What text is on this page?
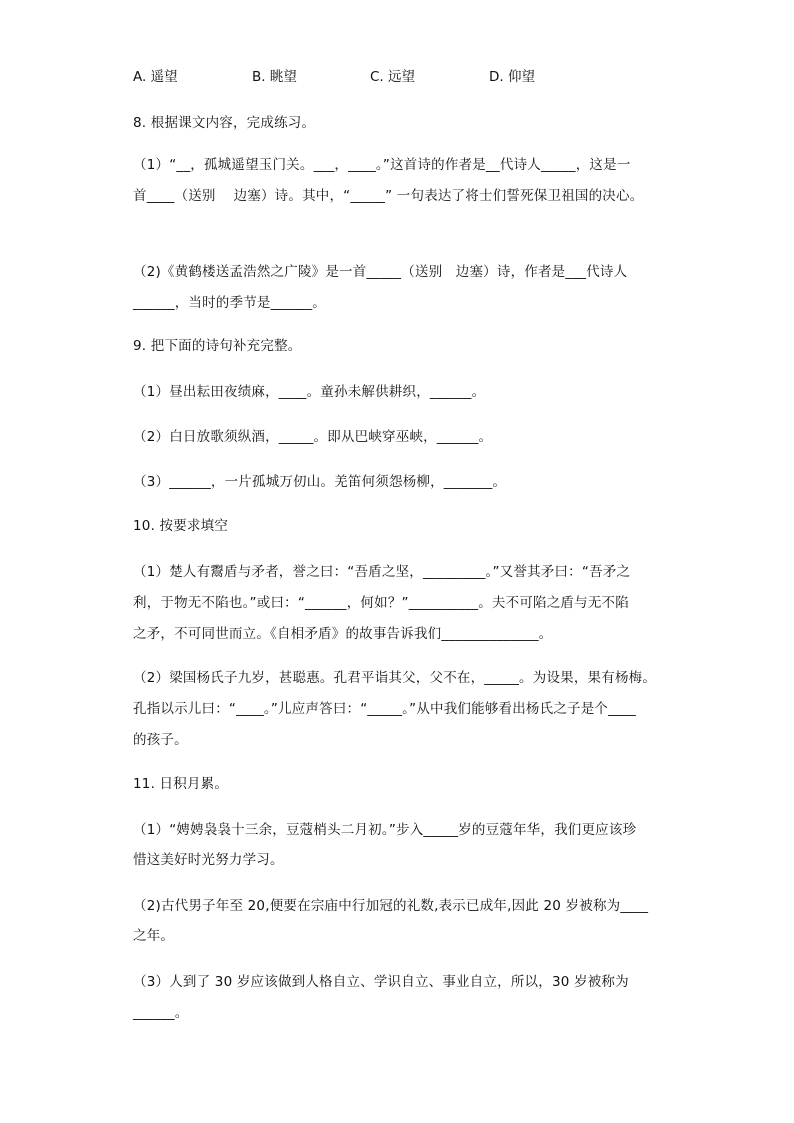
A. 遥望	B. 眺望	C. 远望	D. 仰望
8. 根据课文内容，完成练习。
（1）“__，孤城遥望玉门关。___，____。”这首诗的作者是__代诗人_____，这是一
首____（送别    边塞）诗。其中，“_____” 一句表达了将士们誓死保卫祖国的决心。
（2)《黄鹤楼送孟浩然之广陵》是一首_____（送别   边塞）诗，作者是___代诗人
______，当时的季节是______。
9. 把下面的诗句补充完整。
（1）昼出耘田夜绩麻，____。童孙未解供耕织，______。
（2）白日放歌须纵酒，_____。即从巴峡穿巫峡，______。
（3）______，一片孤城万仞山。羌笛何须怨杨柳，_______。
10. 按要求填空
（1）楚人有鬻盾与矛者，誉之曰：“吾盾之坚，_________。”又誉其矛曰：“吾矛之
利，于物无不陷也。”或曰：“______，何如？”__________。夫不可陷之盾与无不陷
之矛，不可同世而立。《自相矛盾》的故事告诉我们______________。
（2）梁国杨氏子九岁，甚聪惠。孔君平诣其父，父不在，_____。为设果，果有杨梅。
孔指以示儿曰：“____。”儿应声答曰：“_____。”从中我们能够看出杨氏之子是个____
的孩子。
11. 日积月累。
（1）“娉娉袅袅十三余，豆蔻梢头二月初。”步入_____岁的豆蔻年华，我们更应该珍
惜这美好时光努力学习。
（2)古代男子年至 20,便要在宗庙中行加冠的礼数,表示已成年,因此 20 岁被称为____
之年。
（3）人到了 30 岁应该做到人格自立、学识自立、事业自立，所以，30 岁被称为
______。
